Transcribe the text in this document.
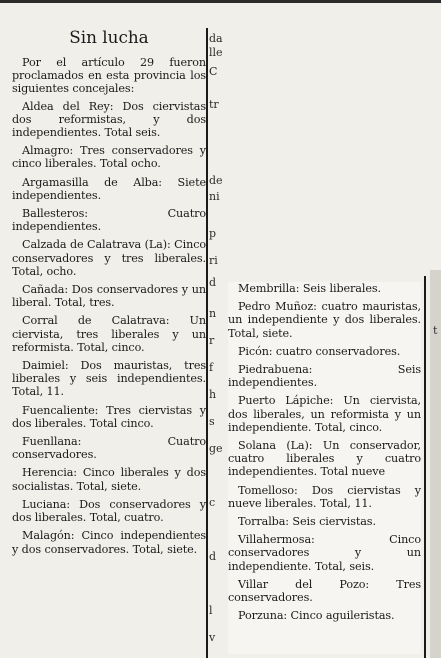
Sin lucha

Por el artículo 29 fueron proclamados en esta provincia los siguientes concejales:

Aldea del Rey: Dos ciervistas dos reformistas, y dos independientes. Total seis.

Almagro: Tres conservadores y cinco liberales. Total ocho.

Argamasilla de Alba: Siete independientes.

Ballesteros: Cuatro independientes.

Calzada de Calatrava (La): Cinco conservadores y tres liberales. Total, ocho.

Cañada: Dos conservadores y un liberal. Total, tres.

Corral de Calatrava: Un ciervista, tres liberales y un reformista. Total, cinco.

Daimiel: Dos mauristas, tres liberales y seis independientes. Total, 11.

Fuencaliente: Tres ciervistas y dos liberales. Total cinco.

Fuenllana: Cuatro conservadores.

Herencia: Cinco liberales y dos socialistas. Total, siete.

Luciana: Dos conservadores y dos liberales. Total, cuatro.

Malagón: Cinco independientes y dos conservadores. Total, siete.

da
lle
C
tr
de
ni
p
ri
d
n
r
f
h
s
ge
c
d
l
v

Membrilla: Seis liberales.

Pedro Muñoz: cuatro mauristas, un independiente y dos liberales. Total, siete.

Picón: cuatro conservadores.

Piedrabuena: Seis independientes.

Puerto Lápiche: Un ciervista, dos liberales, un reformista y un independiente. Total, cinco.

Solana (La): Un conservador, cuatro liberales y cuatro independientes. Total nueve

Tomelloso: Dos ciervistas y nueve liberales. Total, 11.

Torralba: Seis ciervistas.

Villahermosa: Cinco conservadores y un independiente. Total, seis.

Villar del Pozo: Tres conservadores.

Porzuna: Cinco aguileristas.

t
